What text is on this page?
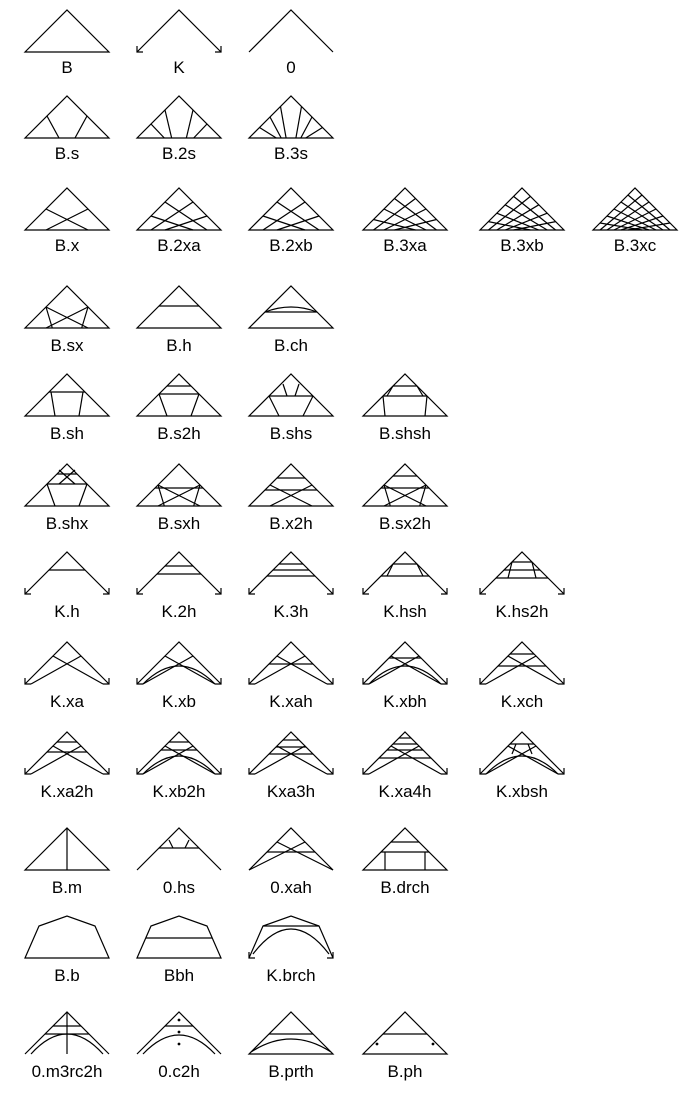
B	K	0
B.s	B.2s	B.3s
B.x	B.2xa	B.2xb	B.3xa	B.3xb	B.3xc
B.sx	B.h	B.ch
B.sh	B.s2h	B.shs	B.shsh
B.shx	B.sxh	B.x2h	B.sx2h
K.h	K.2h	K.3h	K.hsh	K.hs2h
K.xa	K.xb	K.xah	K.xbh	K.xch
K.xa2h	K.xb2h	Kxa3h	K.xa4h	K.xbsh
B.m	0.hs	0.xah	B.drch
B.b	Bbh	K.brch
0.m3rc2h	0.c2h	B.prth	B.ph
